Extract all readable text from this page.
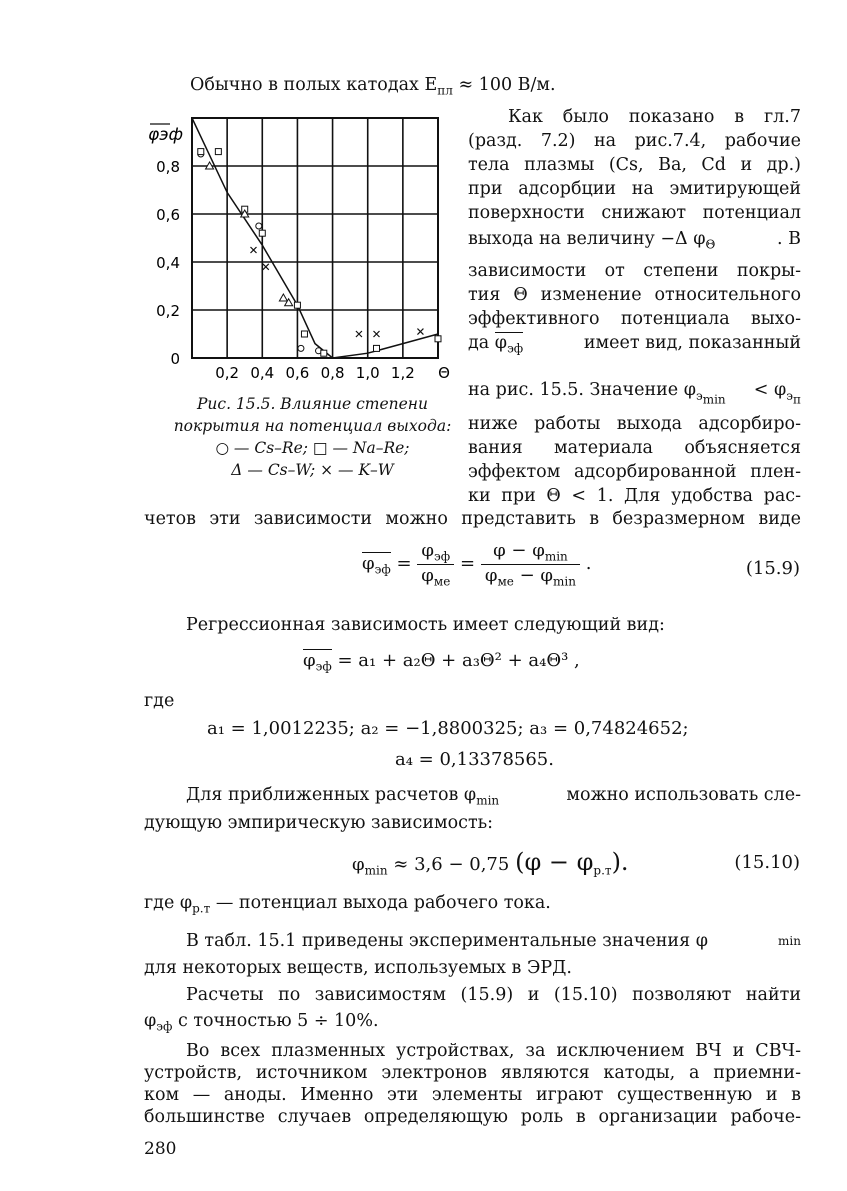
Обычно в полых катодах $E_{пл} \approx 100$ В/м.
0,2 0,4 0,6 0,8 1,0 1,2 Θ
0
0,2
0,4
0,6
0,8
φэф
Рис. 15.5. Влияние степени
покрытия на потенциал выхода:
○ — Cs–Re; □ — Na–Re;
Δ — Cs–W; × — K–W
Как было показано в гл.7
(разд. 7.2) на рис.7.4, рабочие
тела плазмы (Cs, Ba, Cd и др.)
при адсорбции на эмитирующей
поверхности снижают потенциал
выхода на величину −Δ $\varphi_\Theta$	. В
зависимости от степени покры-
тия Θ изменение относительного
эффективного потенциала выхо-
да $\varphi_{эф}$	имеет вид, показанный
на рис. 15.5. Значение $\varphi_{э_{min}} < \varphi_{э_п}$
ниже работы выхода адсорбиро-
вания материала объясняется
эффектом адсорбированной плен-
ки при Θ < 1. Для удобства рас-
четов эти зависимости можно представить в безразмерном виде
$\varphi_{эф} = \frac{\varphi_{эф}}{\varphi_{ме}} = \frac{\varphi - \varphi_{min}}{\varphi_{ме} - \varphi_{min}}$ .	(15.9)
Регрессионная зависимость имеет следующий вид:
$\varphi_{эф} = a_1 + a_2\Theta + a_3\Theta^2 + a_4\Theta^3$ ,
где
a₁ = 1,0012235; a₂ = −1,8800325; a₃ = 0,74824652;
a₄ = 0,13378565.
Для приближенных расчетов $\varphi_{min}$	можно использовать сле-
дующую эмпирическую зависимость:
$\varphi_{min} \approx 3,6 - 0,75$ $(\varphi - \varphi_{р.т})$.	(15.10)
где $\varphi_{р.т}$ — потенциал выхода рабочего тока.
В табл. 15.1 приведены экспериментальные значения φ	min
для некоторых веществ, используемых в ЭРД.
Расчеты по зависимостям (15.9) и (15.10) позволяют найти
$\varphi_{эф}$ с точностью 5 ÷ 10%.
Во всех плазменных устройствах, за исключением ВЧ и СВЧ-
устройств, источником электронов являются катоды, а приемни-
ком — аноды. Именно эти элементы играют существенную и в
большинстве случаев определяющую роль в организации рабоче-
280
